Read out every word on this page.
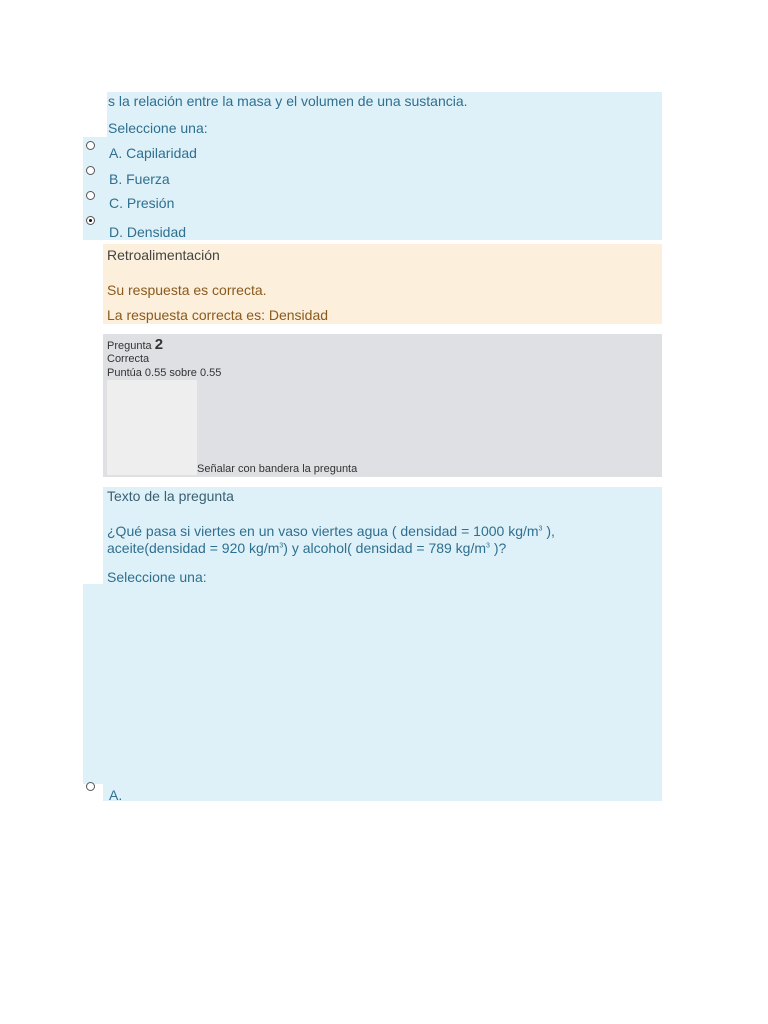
s la relación entre la masa y el volumen de una sustancia.
Seleccione una:
A. Capilaridad
B. Fuerza
C. Presión
D. Densidad
Retroalimentación
Su respuesta es correcta.
La respuesta correcta es: Densidad
Pregunta 2
Correcta
Puntúa 0.55 sobre 0.55
Señalar con bandera la pregunta
Texto de la pregunta
¿Qué pasa si viertes en un vaso viertes agua ( densidad = 1000 $kg/m^3$ ),
aceite(densidad = 920 $kg/m^3$) y alcohol( densidad = 789 $kg/m^3$ )?
Seleccione una:
A.
